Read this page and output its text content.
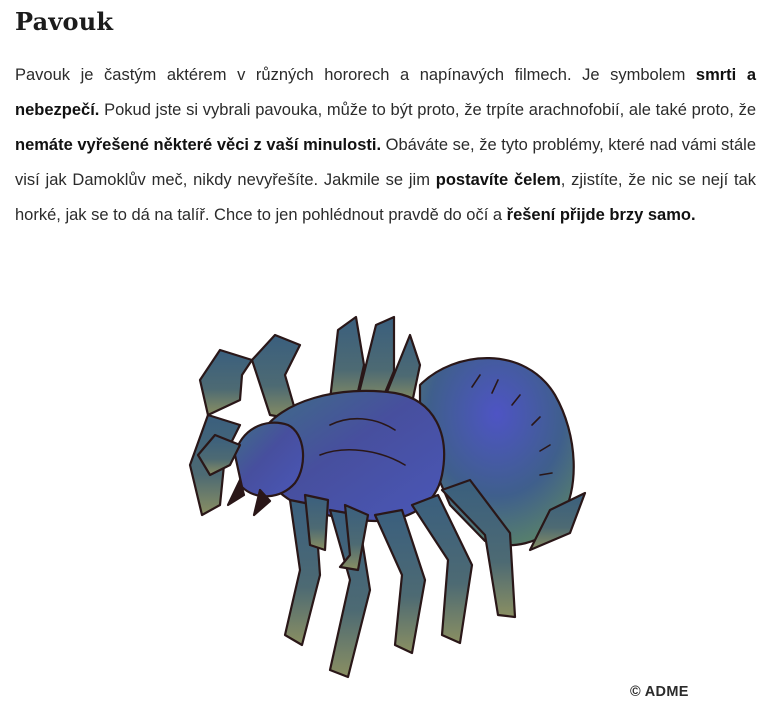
Pavouk

Pavouk je častým aktérem v různých hororech a napínavých filmech. Je symbolem smrti a nebezpečí. Pokud jste si vybrali pavouka, může to být proto, že trpíte arachnofobií, ale také proto, že nemáte vyřešené některé věci z vaší minulosti. Obáváte se, že tyto problémy, které nad vámi stále visí jak Damoklův meč, nikdy nevyřešíte. Jakmile se jim postavíte čelem, zjistíte, že nic se nejí tak horké, jak se to dá na talíř. Chce to jen pohlédnout pravdě do očí a řešení přijde brzy samo.

© ADME
